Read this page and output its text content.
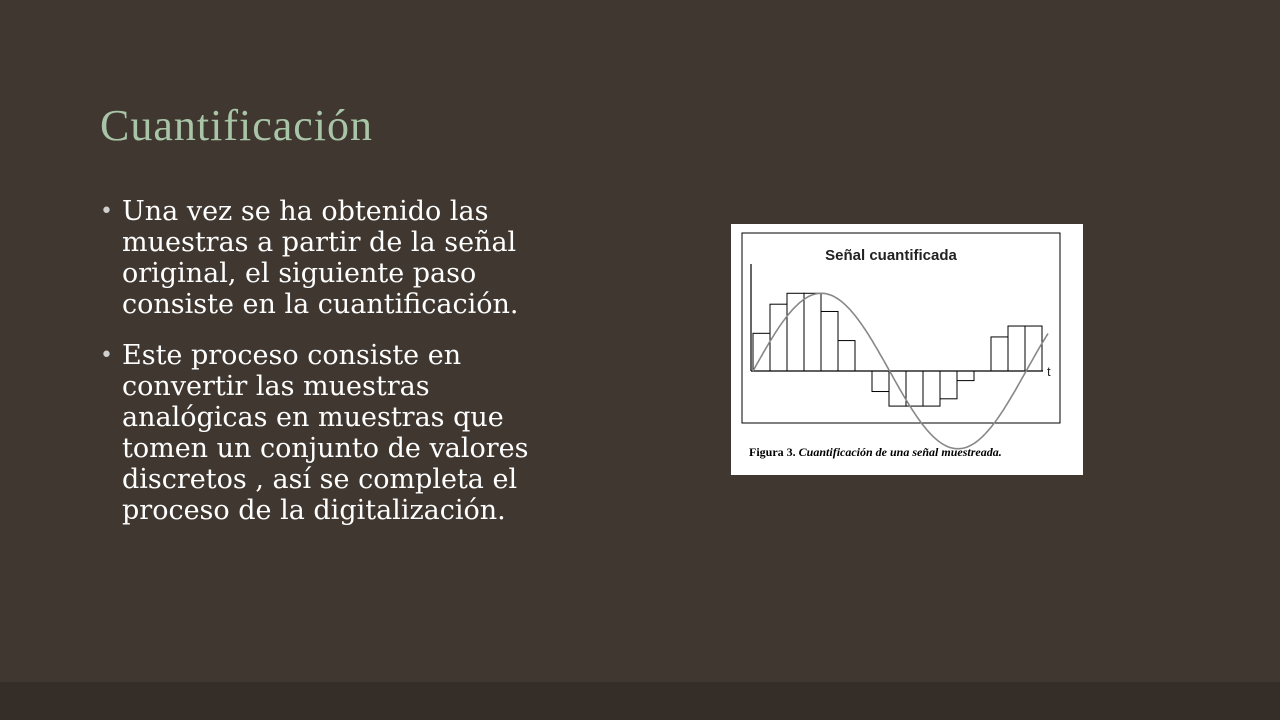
Cuantificación
• Una vez se ha obtenido las muestras a partir de la señal original, el siguiente paso consiste en la cuantificación.
• Este proceso consiste en convertir las muestras analógicas en muestras que tomen un conjunto de valores discretos , así se completa el proceso de la digitalización.
Señal cuantificada
t
Figura 3. Cuantificación de una señal muestreada.
